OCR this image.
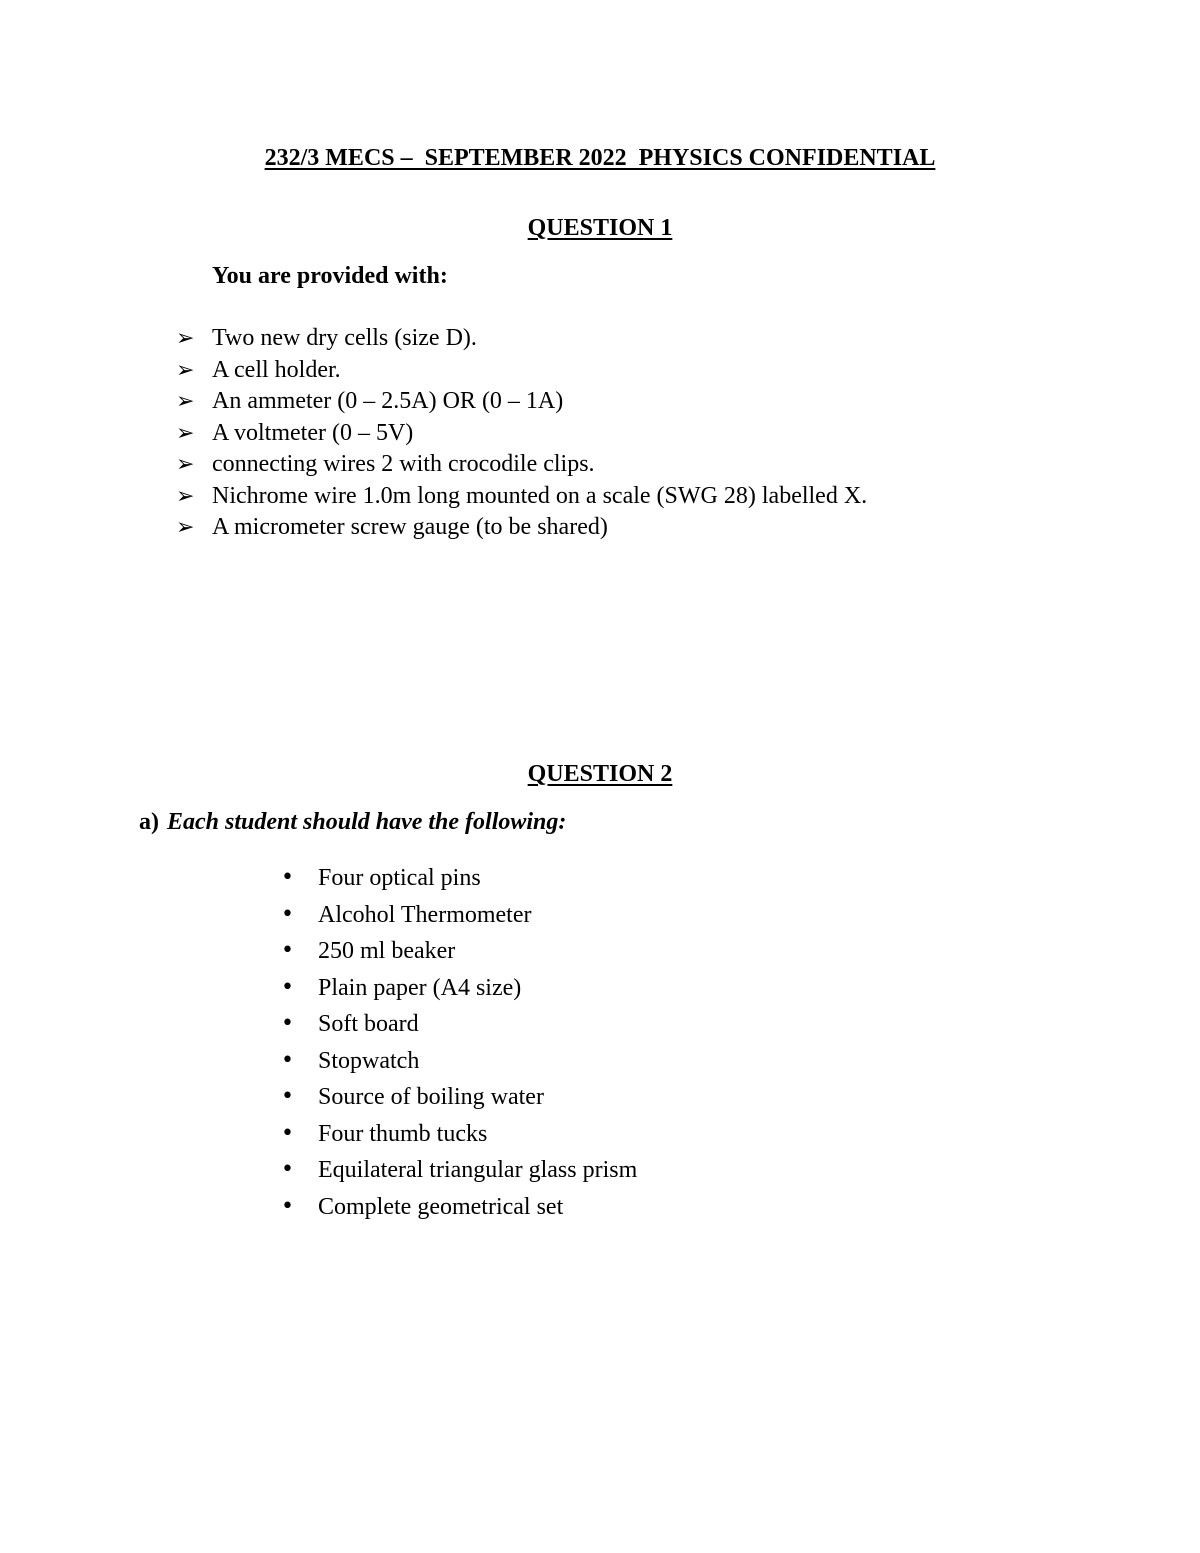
232/3 MECS –  SEPTEMBER 2022  PHYSICS CONFIDENTIAL
QUESTION 1
You are provided with:
➢ Two new dry cells (size D).
➢ A cell holder.
➢ An ammeter (0 – 2.5A) OR (0 – 1A)
➢ A voltmeter (0 – 5V)
➢ connecting wires 2 with crocodile clips.
➢ Nichrome wire 1.0m long mounted on a scale (SWG 28) labelled X.
➢ A micrometer screw gauge (to be shared)
QUESTION 2
a) Each student should have the following:
• Four optical pins
• Alcohol Thermometer
• 250 ml beaker
• Plain paper (A4 size)
• Soft board
• Stopwatch
• Source of boiling water
• Four thumb tucks
• Equilateral triangular glass prism
• Complete geometrical set
